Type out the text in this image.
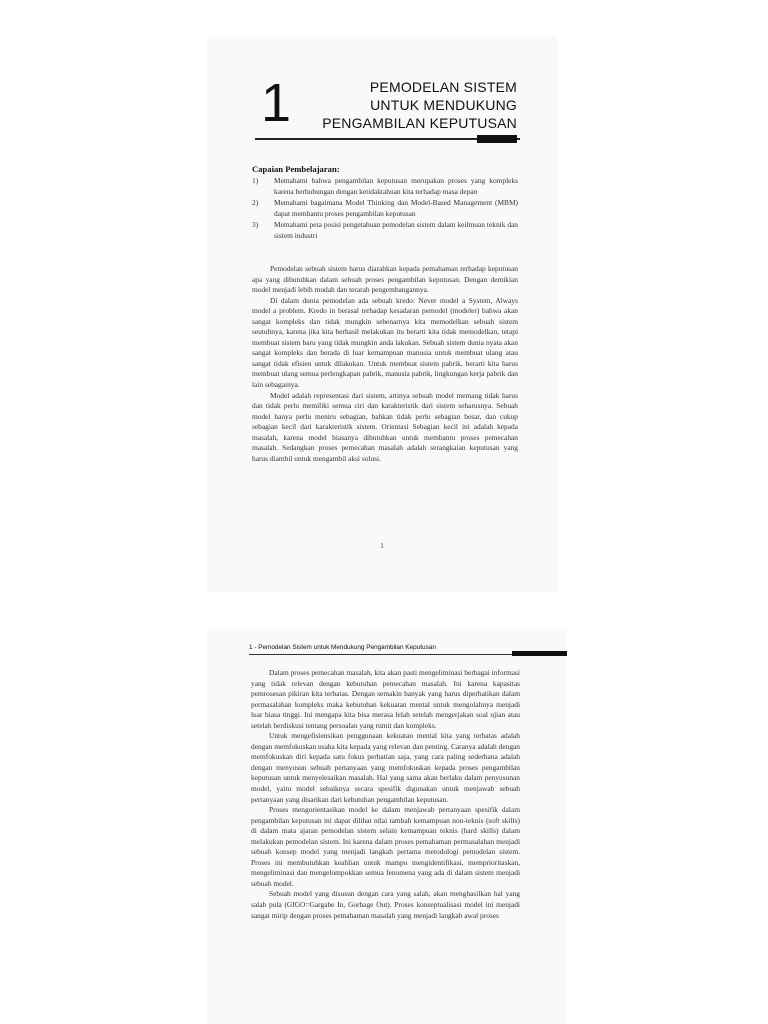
1	PEMODELAN SISTEM
UNTUK MENDUKUNG
PENGAMBILAN KEPUTUSAN
Capaian Pembelajaran:
1)	Memahami bahwa pengambilan keputusan merupakan proses yang kompleks karena berhubungan dengan ketidaktahuan kita terhadap masa depan
2)	Memahami bagaimana Model Thinking dan Model-Based Management (MBM) dapat membantu proses pengambilan keputusan
3)	Memahami peta posisi pengetahuan pemodelan sistem dalam keilmuan teknik dan sistem industri

Pemodelan sebuah sistem harus diarahkan kepada pemahaman terhadap keputusan apa yang dibutuhkan dalam sebuah proses pengambilan keputusan. Dengan demikian model menjadi lebih mudah dan terarah pengembangannya.

Di dalam dunia pemodelan ada sebuah kredo: Never model a System, Always model a problem. Kredo in berasal terhadap kesadaran pemodel (modeler) bahwa akan sangat kompleks dan tidak mungkin sebenarnya kita memodelkan sebuah sistem seutuhnya, karena jika kita berhasil melakukan itu berarti kita tidak memodelkan, tetapi membuat sistem baru yang tidak mungkin anda lakukan. Sebuah sistem dunia nyata akan sangat kompleks dan berada di luar kemampuan manusia untuk membuat ulang atau sangat tidak efisien untuk dilakukan. Untuk membuat sistem pabrik, berarti kita harus membuat ulang semua perlengkapan pabrik, manusia pabrik, lingkungan kerja pabrik dan lain sebagainya.

Model adalah representasi dari sistem, artinya sebuah model memang tidak harus dan tidak perlu memiliki semua ciri dan karakteristik dari sistem seharusnya. Sebuah model hanya perlu meniru sebagian, bahkan tidak perlu sebagian besar, dan cukup sebagian kecil dari karakteristik sistem. Orientasi Sebagian kecil ini adalah kepada masalah, karena model biasanya dibutuhkan untuk membantu proses pemecahan masalah. Sedangkan proses pemecahan masalah adalah serangkaian keputusan yang harus diambil untuk mengambil aksi solusi.

1
1 - Pemodelan Sistem untuk Mendukung Pengambilan Keputusan

Dalam proses pemecahan masalah, kita akan pasti mengeliminasi berbagai informasi yang tidak relevan dengan kebutuhan pemecahan masalah. Ini karena kapasitas pemrosesan pikiran kita terbatas. Dengan semakin banyak yang harus diperhatikan dalam permasalahan kompleks maka kebutuhan kekuatan mental untuk mengolahnya menjadi luar biasa tinggi. Ini mengapa kita bisa merasa lelah setelah mengerjakan soal ujian atau setelah berdiskusi tentang persoalan yang rumit dan kompleks.

Untuk mengefisiensikan penggunaan kekuatan mental kita yang terbatas adalah dengan memfokuskan usaha kita kepada yang relevan dan penting. Caranya adalah dengan memfokuskan diri kepada satu fokus perhatian saja, yang cara paling sederhana adalah dengan menyusun sebuah pertanyaan yang memfokuskan kepada proses pengambilan keputusan untuk menyelesaikan masalah. Hal yang sama akan berlaku dalam penyusunan model, yaitu model sebaiknya secara spesifik digunakan untuk menjawab sebuah pertanyaan yang disarikan dari kebutuhan pengambilan keputusan.

Proses mengorientasikan model ke dalam menjawab pertanyaan spesifik dalam pengambilan keputusan ini dapat dilihat nilai tambah kemampuan non-teknis (soft skills) di dalam mata ajaran pemodelan sistem selain kemampuan teknis (hard skills) dalam melakukan pemodelan sistem. Ini karena dalam proses pemahaman permasalahan menjadi sebuah konsep model yang menjadi langkah pertama metodologi pemodelan sistem. Proses ini membutuhkan keahlian untuk mampu mengidentifikasi, memprioritaskan, mengeliminasi dan mengelompokkan semua fenomena yang ada di dalam sistem menjadi sebuah model.

Sebuah model yang disusun dengan cara yang salah, akan menghasilkan hal yang salah pula (GIGO=Gargabe In, Gorbage Out). Proses konseptualisasi model ini menjadi sangat mirip dengan proses pemahaman masalah yang menjadi langkah awal proses
